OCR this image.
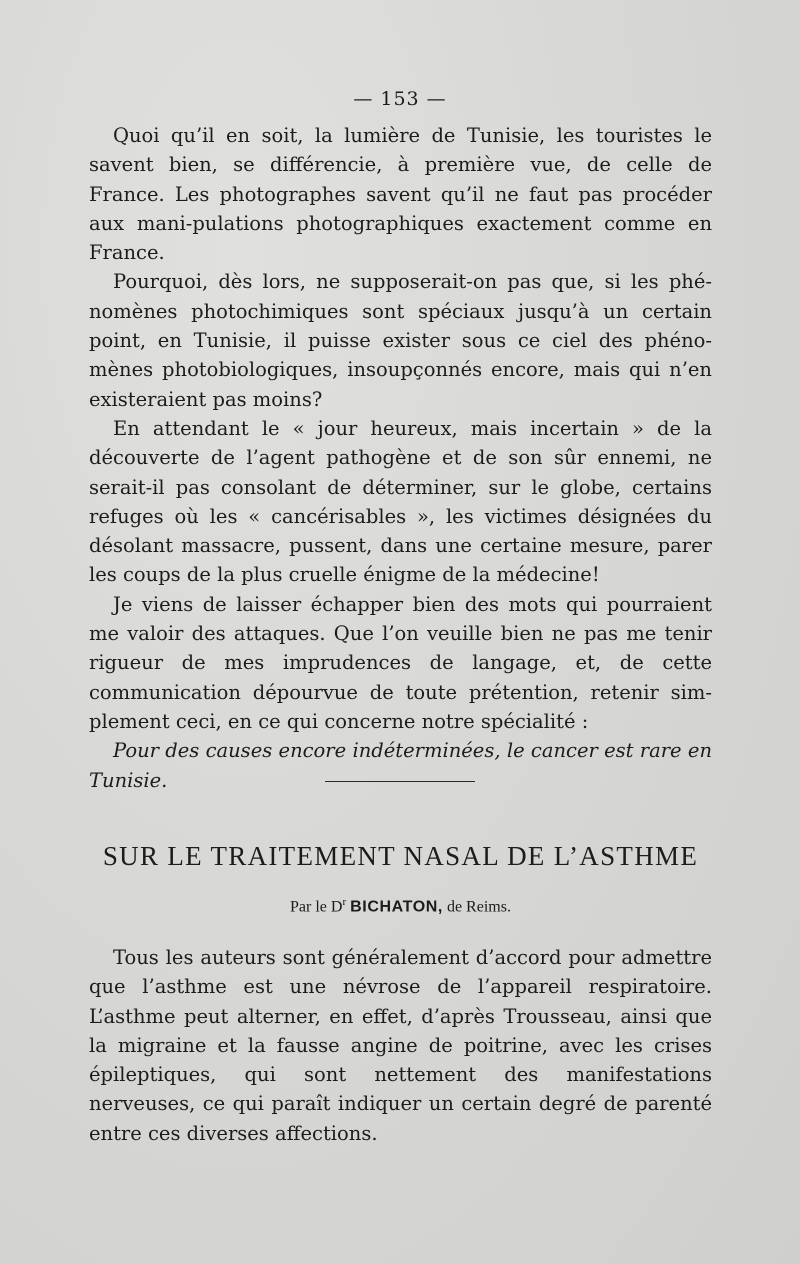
— 153 —

Quoi qu’il en soit, la lumière de Tunisie, les touristes le savent bien, se différencie, à première vue, de celle de France. Les photographes savent qu’il ne faut pas procéder aux mani-pulations photographiques exactement comme en France.

Pourquoi, dès lors, ne supposerait-on pas que, si les phé-nomènes photochimiques sont spéciaux jusqu’à un certain point, en Tunisie, il puisse exister sous ce ciel des phéno-mènes photobiologiques, insoupçonnés encore, mais qui n’en existeraient pas moins?

En attendant le « jour heureux, mais incertain » de la découverte de l’agent pathogène et de son sûr ennemi, ne serait-il pas consolant de déterminer, sur le globe, certains refuges où les « cancérisables », les victimes désignées du désolant massacre, pussent, dans une certaine mesure, parer les coups de la plus cruelle énigme de la médecine!

Je viens de laisser échapper bien des mots qui pourraient me valoir des attaques. Que l’on veuille bien ne pas me tenir rigueur de mes imprudences de langage, et, de cette communication dépourvue de toute prétention, retenir sim-plement ceci, en ce qui concerne notre spécialité :

Pour des causes encore indéterminées, le cancer est rare en Tunisie.

SUR LE TRAITEMENT NASAL DE L’ASTHME
Par le $D^r$ BICHATON, de Reims.

Tous les auteurs sont généralement d’accord pour admettre que l’asthme est une névrose de l’appareil respiratoire. L’asthme peut alterner, en effet, d’après Trousseau, ainsi que la migraine et la fausse angine de poitrine, avec les crises épileptiques, qui sont nettement des manifestations nerveuses, ce qui paraît indiquer un certain degré de parenté entre ces diverses affections.
